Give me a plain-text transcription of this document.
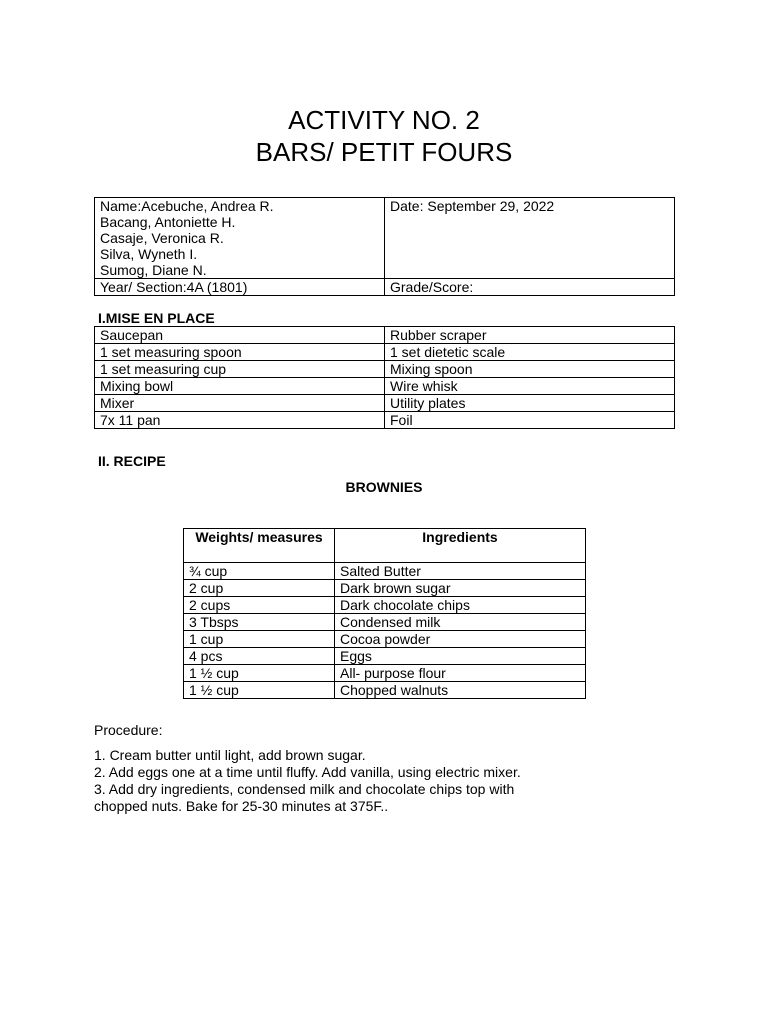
ACTIVITY NO. 2
BARS/ PETIT FOURS
Name:Acebuche, Andrea R.
Bacang, Antoniette H.
Casaje, Veronica R.
Silva, Wyneth I.
Sumog, Diane N.	Date: September 29, 2022
Year/ Section:4A (1801)	Grade/Score:
I.MISE EN PLACE
Saucepan	Rubber scraper
1 set measuring spoon	1 set dietetic scale
1 set measuring cup	Mixing spoon
Mixing bowl	Wire whisk
Mixer	Utility plates
7x 11 pan	Foil
II. RECIPE
BROWNIES
Weights/ measures	Ingredients
¾ cup	Salted Butter
2 cup	Dark brown sugar
2 cups	Dark chocolate chips
3 Tbsps	Condensed milk
1 cup	Cocoa powder
4 pcs	Eggs
1 ½ cup	All- purpose flour
1 ½ cup	Chopped walnuts
Procedure:
1. Cream butter until light, add brown sugar.
2. Add eggs one at a time until fluffy. Add vanilla, using electric mixer.
3. Add dry ingredients, condensed milk and chocolate chips top with
chopped nuts. Bake for 25-30 minutes at 375F..
